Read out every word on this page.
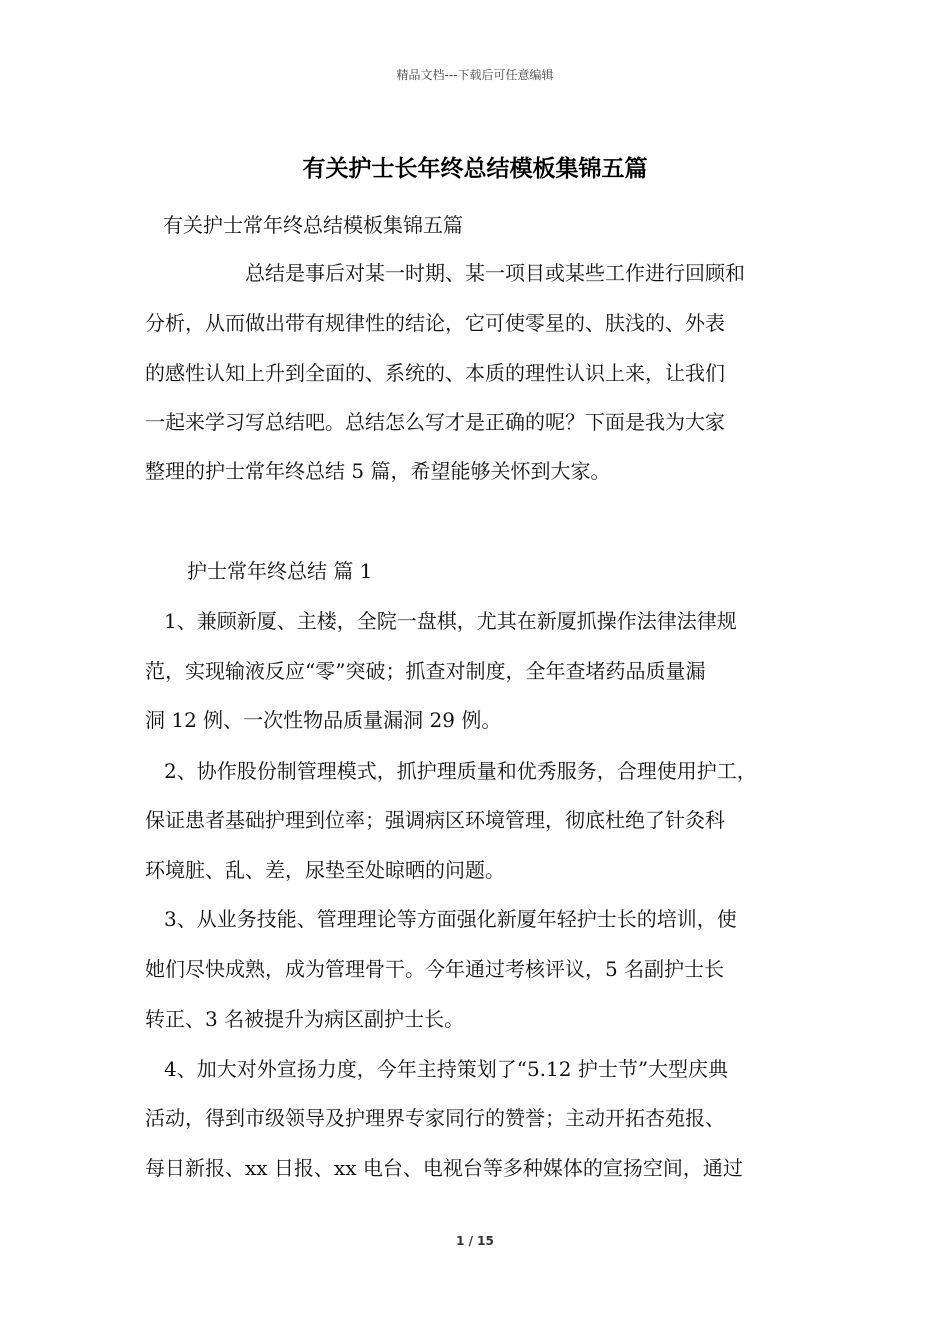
精品文档---下载后可任意编辑
有关护士长年终总结模板集锦五篇
有关护士常年终总结模板集锦五篇
总结是事后对某一时期、某一项目或某些工作进行回顾和
分析，从而做出带有规律性的结论，它可使零星的、肤浅的、外表
的感性认知上升到全面的、系统的、本质的理性认识上来，让我们
一起来学习写总结吧。总结怎么写才是正确的呢？下面是我为大家
整理的护士常年终总结 5 篇，希望能够关怀到大家。
护士常年终总结 篇 1
1、兼顾新厦、主楼，全院一盘棋，尤其在新厦抓操作法律法律规
范，实现输液反应“零”突破；抓查对制度，全年查堵药品质量漏
洞 12 例、一次性物品质量漏洞 29 例。
2、协作股份制管理模式，抓护理质量和优秀服务，合理使用护工，
保证患者基础护理到位率；强调病区环境管理，彻底杜绝了针灸科
环境脏、乱、差，尿垫至处晾晒的问题。
3、从业务技能、管理理论等方面强化新厦年轻护士长的培训，使
她们尽快成熟，成为管理骨干。今年通过考核评议，5 名副护士长
转正、3 名被提升为病区副护士长。
4、加大对外宣扬力度，今年主持策划了“5.12 护士节”大型庆典
活动，得到市级领导及护理界专家同行的赞誉；主动开拓杏苑报、
每日新报、xx 日报、xx 电台、电视台等多种媒体的宣扬空间，通过
1 / 15
